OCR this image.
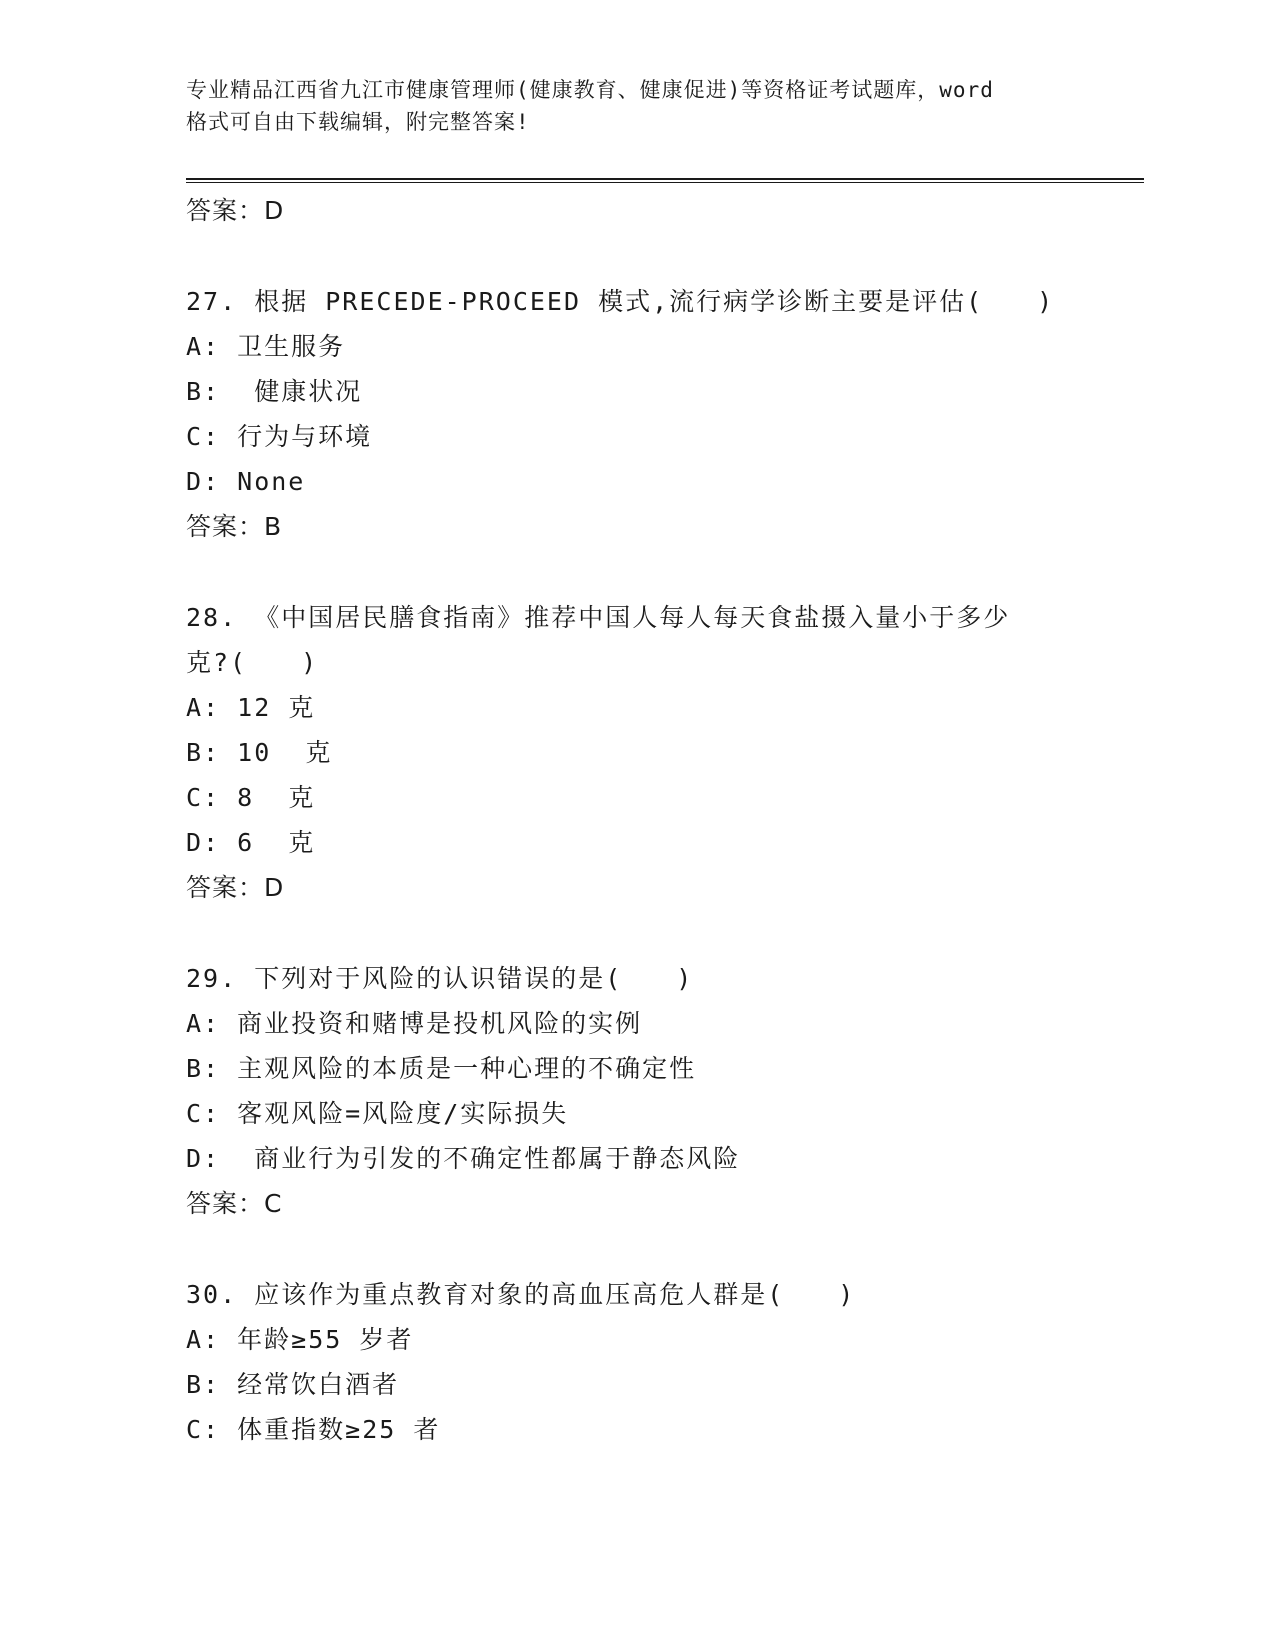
专业精品江西省九江市健康管理师(健康教育、健康促进)等资格证考试题库，word
格式可自由下载编辑，附完整答案!
答案：D
27. 根据 PRECEDE-PROCEED 模式,流行病学诊断主要是评估(　　)
A: 卫生服务
B:  健康状况
C: 行为与环境
D: None
答案：B
28. 《中国居民膳食指南》推荐中国人每人每天食盐摄入量小于多少
克?(　　)
A: 12 克
B: 10  克
C: 8  克
D: 6  克
答案：D
29. 下列对于风险的认识错误的是(　　)
A: 商业投资和赌博是投机风险的实例
B: 主观风险的本质是一种心理的不确定性
C: 客观风险=风险度/实际损失
D:  商业行为引发的不确定性都属于静态风险
答案：C
30. 应该作为重点教育对象的高血压高危人群是(　　)
A: 年龄≥55 岁者
B: 经常饮白酒者
C: 体重指数≥25 者
